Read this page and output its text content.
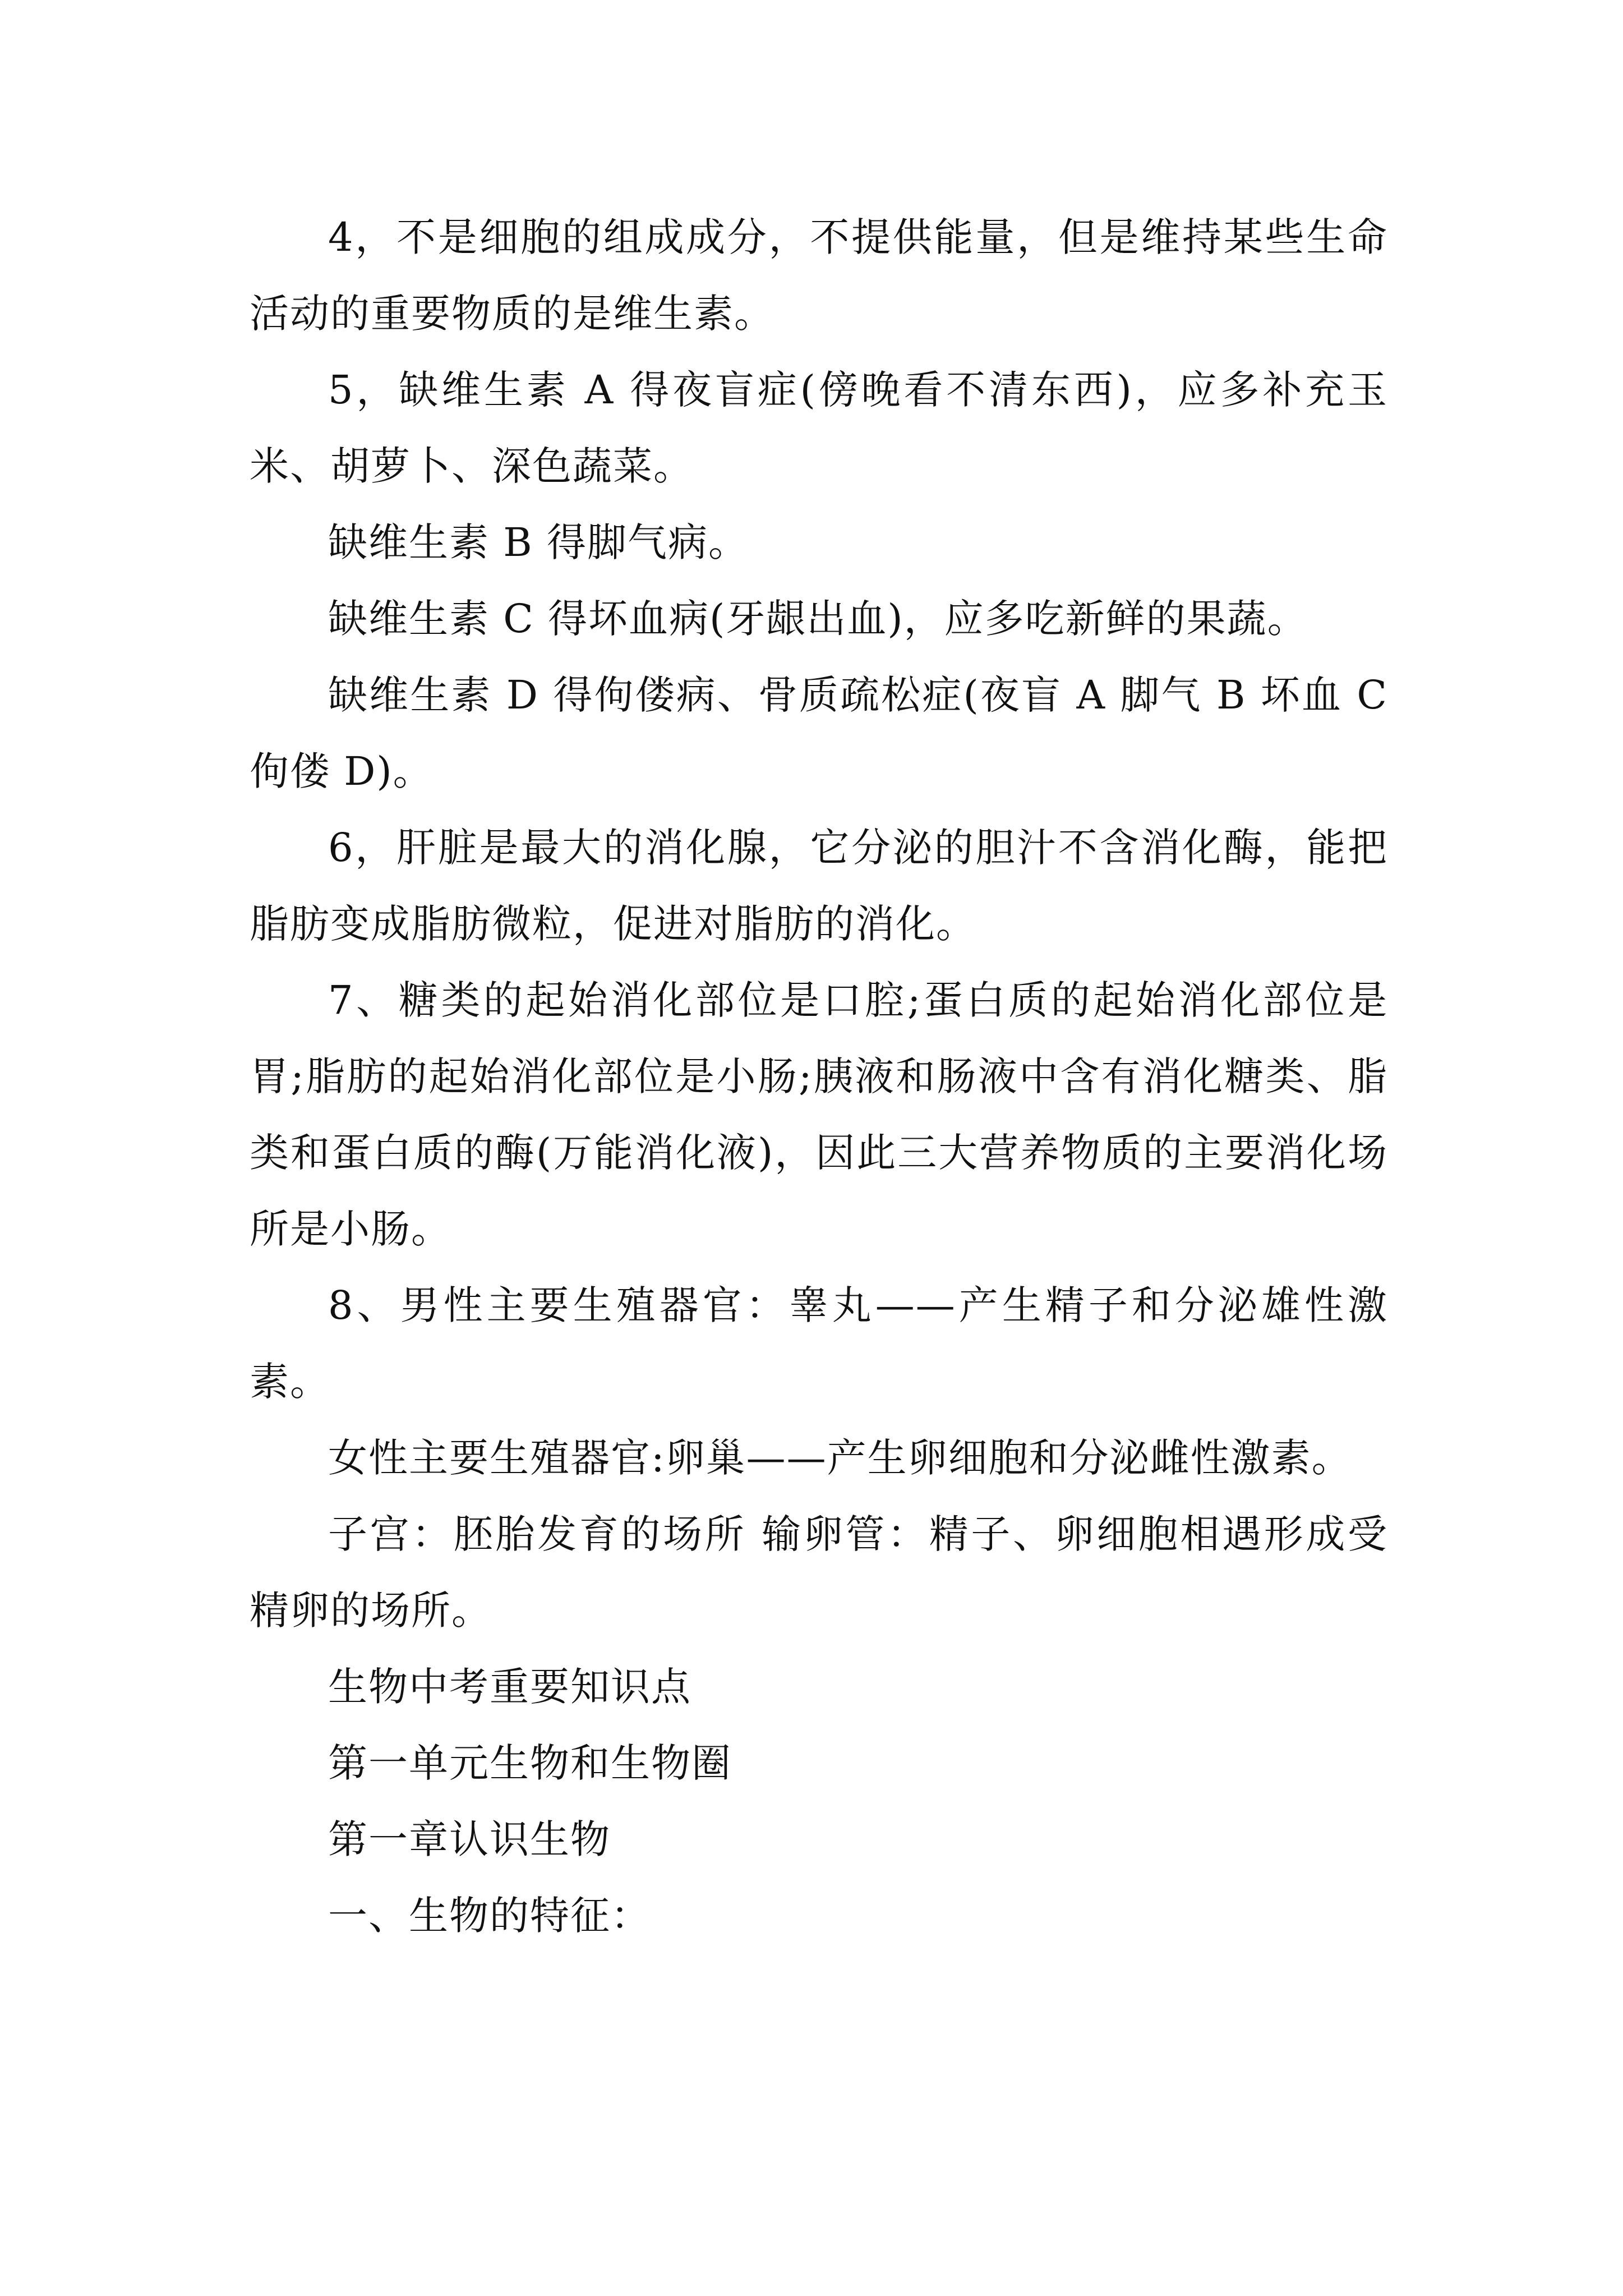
4，不是细胞的组成成分，不提供能量，但是维持某些生命活动的重要物质的是维生素。

5，缺维生素 A 得夜盲症(傍晚看不清东西)，应多补充玉米、胡萝卜、深色蔬菜。

缺维生素 B 得脚气病。

缺维生素 C 得坏血病(牙龈出血)，应多吃新鲜的果蔬。

缺维生素 D 得佝偻病、骨质疏松症(夜盲 A 脚气 B 坏血 C 佝偻 D)。

6，肝脏是最大的消化腺，它分泌的胆汁不含消化酶，能把脂肪变成脂肪微粒，促进对脂肪的消化。

7、糖类的起始消化部位是口腔;蛋白质的起始消化部位是胃;脂肪的起始消化部位是小肠;胰液和肠液中含有消化糖类、脂类和蛋白质的酶(万能消化液)，因此三大营养物质的主要消化场所是小肠。

8、男性主要生殖器官：睾丸——产生精子和分泌雄性激素。

女性主要生殖器官:卵巢——产生卵细胞和分泌雌性激素。

子宫：胚胎发育的场所 输卵管：精子、卵细胞相遇形成受精卵的场所。

生物中考重要知识点

第一单元生物和生物圈

第一章认识生物

一、生物的特征：
